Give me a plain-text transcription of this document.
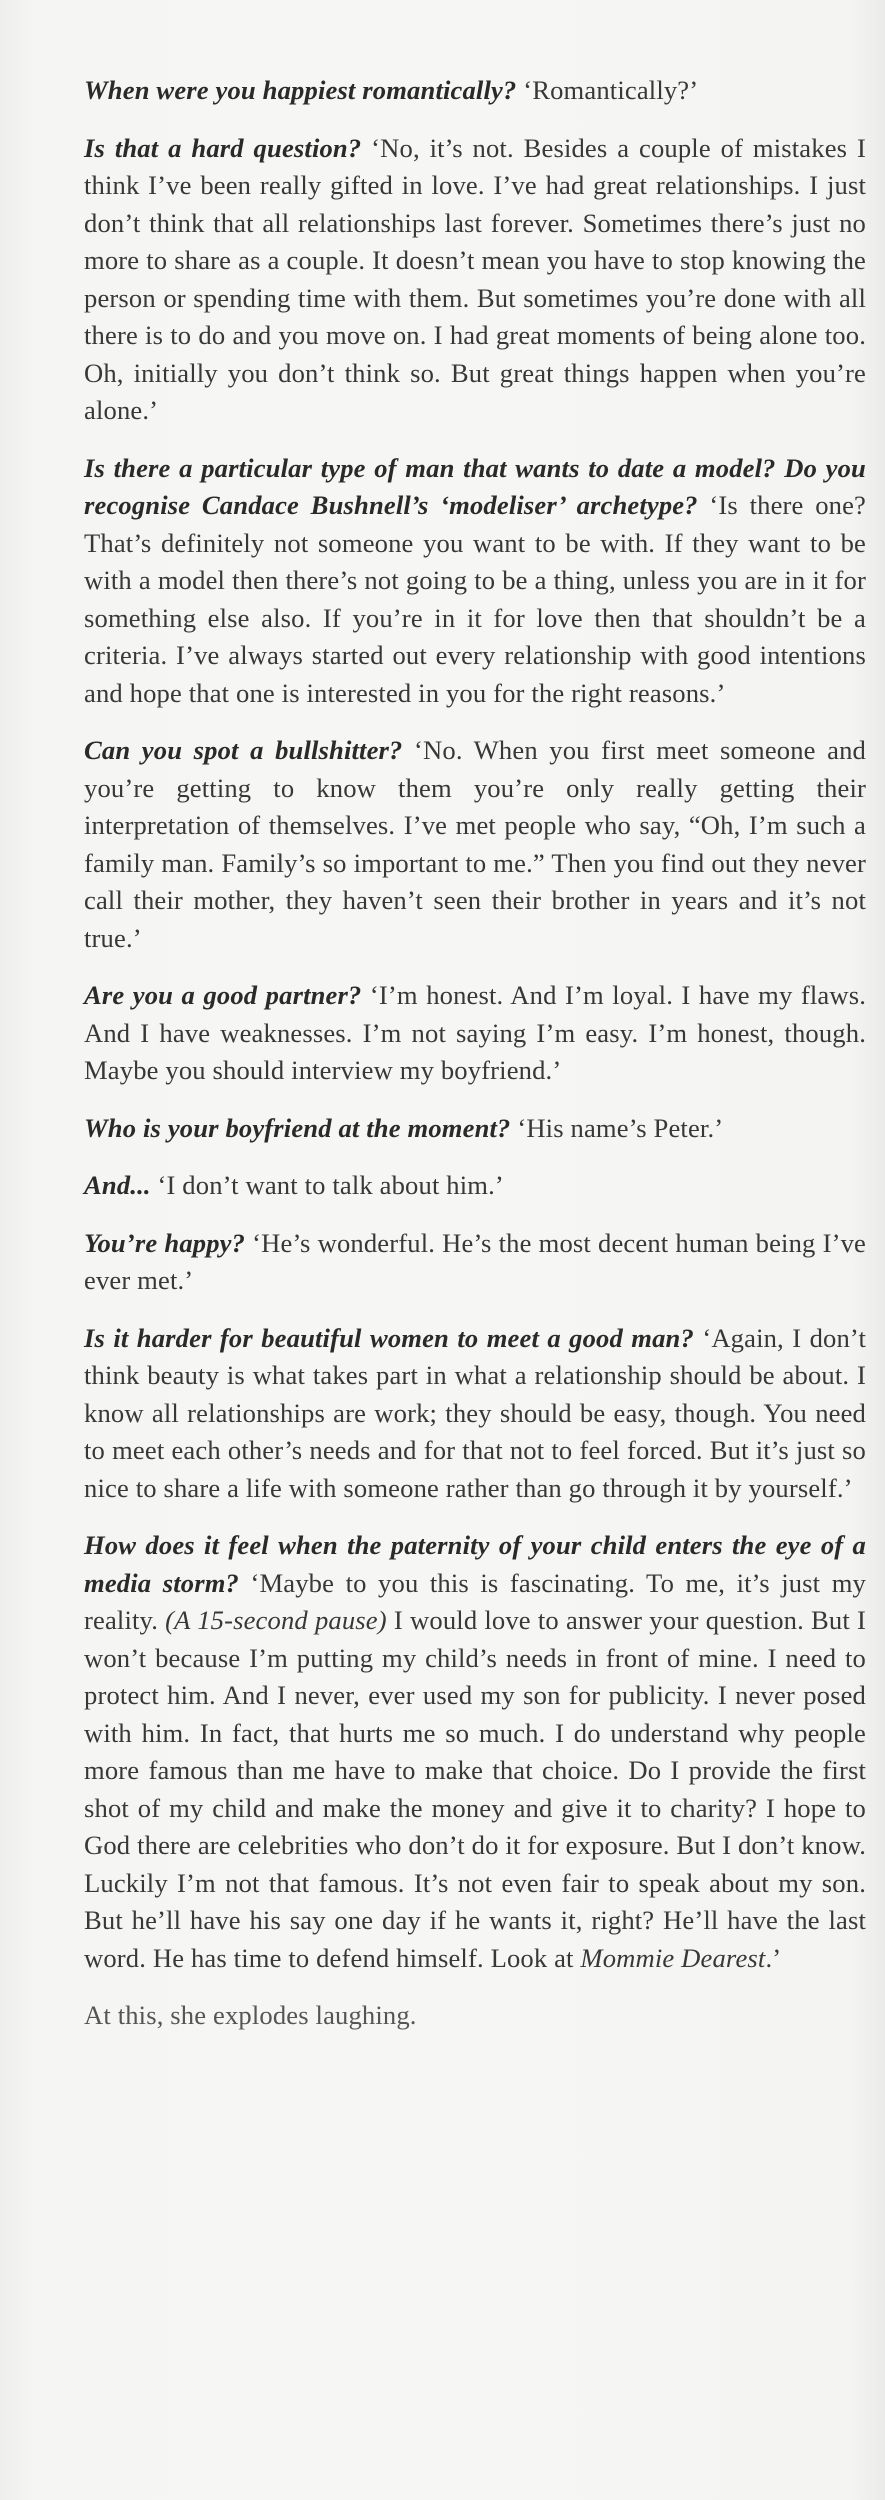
When were you happiest romantically? ‘Romantically?’

Is that a hard question? ‘No, it’s not. Besides a couple of mistakes I think I’ve been really gifted in love. I’ve had great relationships. I just don’t think that all relationships last forever. Sometimes there’s just no more to share as a couple. It doesn’t mean you have to stop knowing the person or spending time with them. But sometimes you’re done with all there is to do and you move on. I had great moments of being alone too. Oh, initially you don’t think so. But great things happen when you’re alone.’

Is there a particular type of man that wants to date a model? Do you recognise Candace Bushnell’s ‘modeliser’ archetype? ‘Is there one? That’s definitely not someone you want to be with. If they want to be with a model then there’s not going to be a thing, unless you are in it for something else also. If you’re in it for love then that shouldn’t be a criteria. I’ve always started out every relationship with good intentions and hope that one is interested in you for the right reasons.’

Can you spot a bullshitter? ‘No. When you first meet someone and you’re getting to know them you’re only really getting their interpretation of themselves. I’ve met people who say, “Oh, I’m such a family man. Family’s so important to me.” Then you find out they never call their mother, they haven’t seen their brother in years and it’s not true.’

Are you a good partner? ‘I’m honest. And I’m loyal. I have my flaws. And I have weaknesses. I’m not saying I’m easy. I’m honest, though. Maybe you should interview my boyfriend.’

Who is your boyfriend at the moment? ‘His name’s Peter.’

And... ‘I don’t want to talk about him.’

You’re happy? ‘He’s wonderful. He’s the most decent human being I’ve ever met.’

Is it harder for beautiful women to meet a good man? ‘Again, I don’t think beauty is what takes part in what a relationship should be about. I know all relationships are work; they should be easy, though. You need to meet each other’s needs and for that not to feel forced. But it’s just so nice to share a life with someone rather than go through it by yourself.’

How does it feel when the paternity of your child enters the eye of a media storm? ‘Maybe to you this is fascinating. To me, it’s just my reality. (A 15-second pause) I would love to answer your question. But I won’t because I’m putting my child’s needs in front of mine. I need to protect him. And I never, ever used my son for publicity. I never posed with him. In fact, that hurts me so much. I do understand why people more famous than me have to make that choice. Do I provide the first shot of my child and make the money and give it to charity? I hope to God there are celebrities who don’t do it for exposure. But I don’t know. Luckily I’m not that famous. It’s not even fair to speak about my son. But he’ll have his say one day if he wants it, right? He’ll have the last word. He has time to defend himself. Look at Mommie Dearest.’

At this, she explodes laughing.
